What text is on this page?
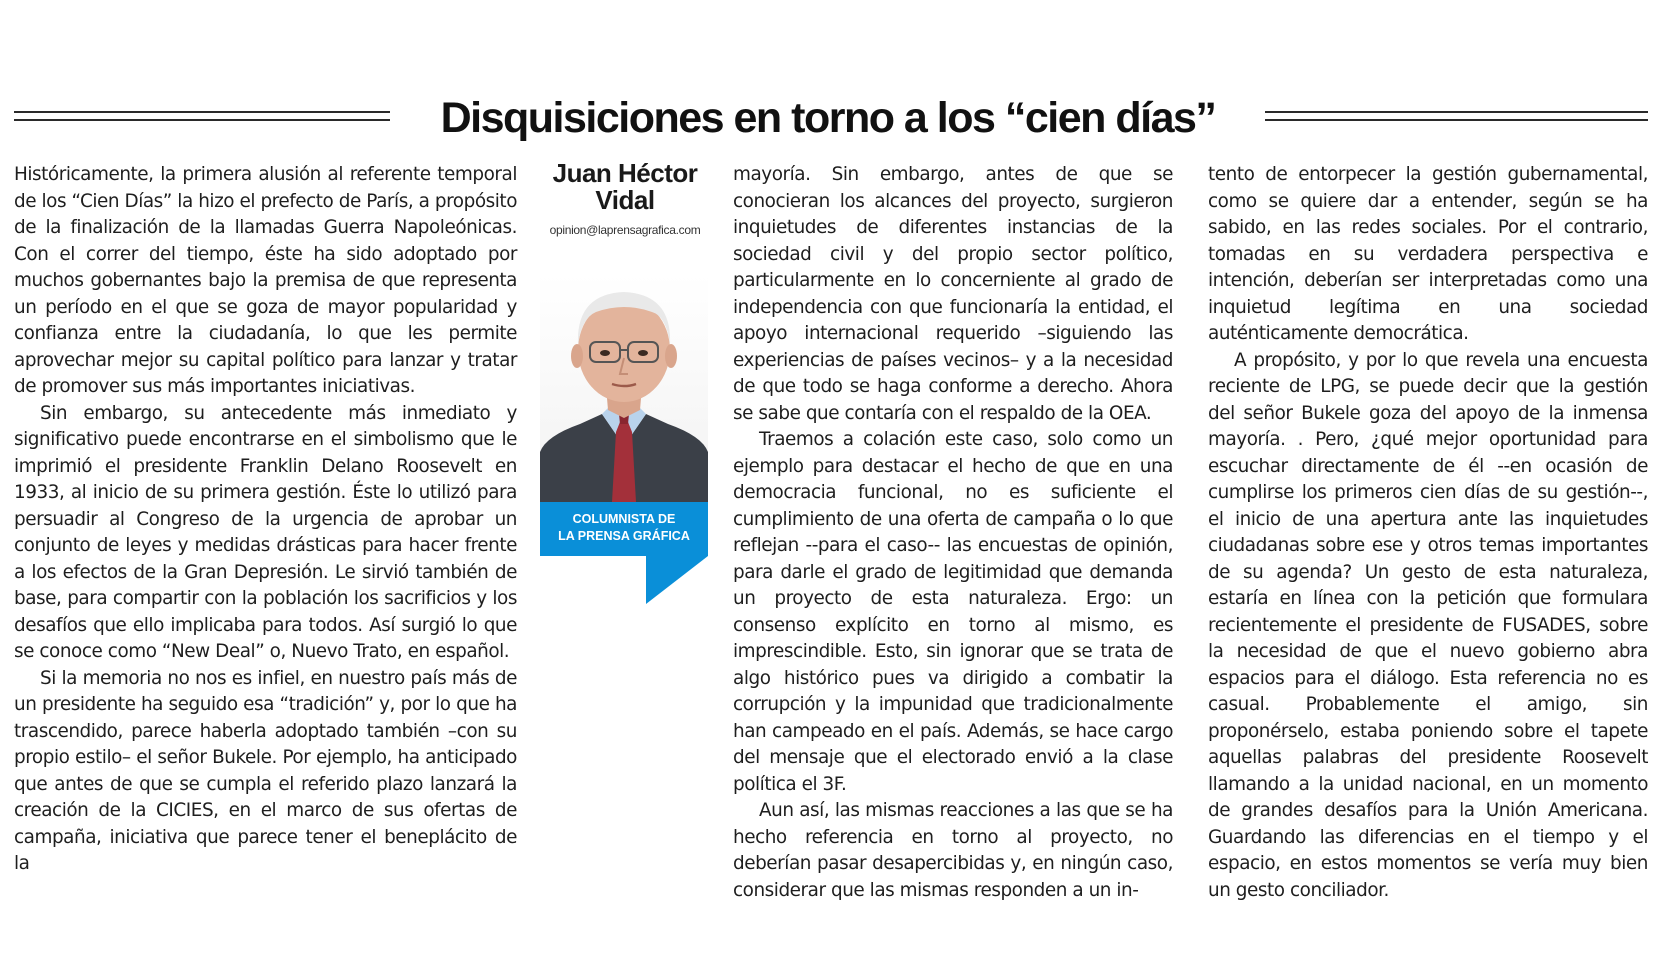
Disquisiciones en torno a los “cien días”

Históricamente, la primera alusión al referente temporal de los “Cien Días” la hizo el prefecto de París, a propósito de la finalización de la llamadas Guerra Napoleónicas. Con el correr del tiempo, éste ha sido adoptado por muchos gobernantes bajo la premisa de que representa un período en el que se goza de mayor popularidad y confianza entre la ciudadanía, lo que les permite aprovechar mejor su capital político para lanzar y tratar de promover sus más importantes iniciativas.

Sin embargo, su antecedente más inmediato y significativo puede encontrarse en el simbolismo que le imprimió el presidente Franklin Delano Roosevelt en 1933, al inicio de su primera gestión. Éste lo utilizó para persuadir al Congreso de la urgencia de aprobar un conjunto de leyes y medidas drásticas para hacer frente a los efectos de la Gran Depresión. Le sirvió también de base, para compartir con la población los sacrificios y los desafíos que ello implicaba para todos. Así surgió lo que se conoce como “New Deal” o, Nuevo Trato, en español.

Si la memoria no nos es infiel, en nuestro país más de un presidente ha seguido esa “tradición” y, por lo que ha trascendido, parece haberla adoptado también –con su propio estilo– el señor Bukele. Por ejemplo, ha anticipado que antes de que se cumpla el referido plazo lanzará la creación de la CICIES, en el marco de sus ofertas de campaña, iniciativa que parece tener el beneplácito de la

Juan Héctor
Vidal
opinion@laprensagrafica.com
COLUMNISTA DE
LA PRENSA GRÁFICA

mayoría. Sin embargo, antes de que se conocieran los alcances del proyecto, surgieron inquietudes de diferentes instancias de la sociedad civil y del propio sector político, particularmente en lo concerniente al grado de independencia con que funcionaría la entidad, el apoyo internacional requerido –siguiendo las experiencias de países vecinos– y a la necesidad de que todo se haga conforme a derecho. Ahora se sabe que contaría con el respaldo de la OEA.

Traemos a colación este caso, solo como un ejemplo para destacar el hecho de que en una democracia funcional, no es suficiente el cumplimiento de una oferta de campaña o lo que reflejan --para el caso-- las encuestas de opinión, para darle el grado de legitimidad que demanda un proyecto de esta naturaleza. Ergo: un consenso explícito en torno al mismo, es imprescindible. Esto, sin ignorar que se trata de algo histórico pues va dirigido a combatir la corrupción y la impunidad que tradicionalmente han campeado en el país. Además, se hace cargo del mensaje que el electorado envió a la clase política el 3F.

Aun así, las mismas reacciones a las que se ha hecho referencia en torno al proyecto, no deberían pasar desapercibidas y, en ningún caso, considerar que las mismas responden a un in-

tento de entorpecer la gestión gubernamental, como se quiere dar a entender, según se ha sabido, en las redes sociales. Por el contrario, tomadas en su verdadera perspectiva e intención, deberían ser interpretadas como una inquietud legítima en una sociedad auténticamente democrática.

A propósito, y por lo que revela una encuesta reciente de LPG, se puede decir que la gestión del señor Bukele goza del apoyo de la inmensa mayoría. . Pero, ¿qué mejor oportunidad para escuchar directamente de él --en ocasión de cumplirse los primeros cien días de su gestión--, el inicio de una apertura ante las inquietudes ciudadanas sobre ese y otros temas importantes de su agenda? Un gesto de esta naturaleza, estaría en línea con la petición que formulara recientemente el presidente de FUSADES, sobre la necesidad de que el nuevo gobierno abra espacios para el diálogo. Esta referencia no es casual. Probablemente el amigo, sin proponérselo, estaba poniendo sobre el tapete aquellas palabras del presidente Roosevelt llamando a la unidad nacional, en un momento de grandes desafíos para la Unión Americana. Guardando las diferencias en el tiempo y el espacio, en estos momentos se vería muy bien un gesto conciliador.
